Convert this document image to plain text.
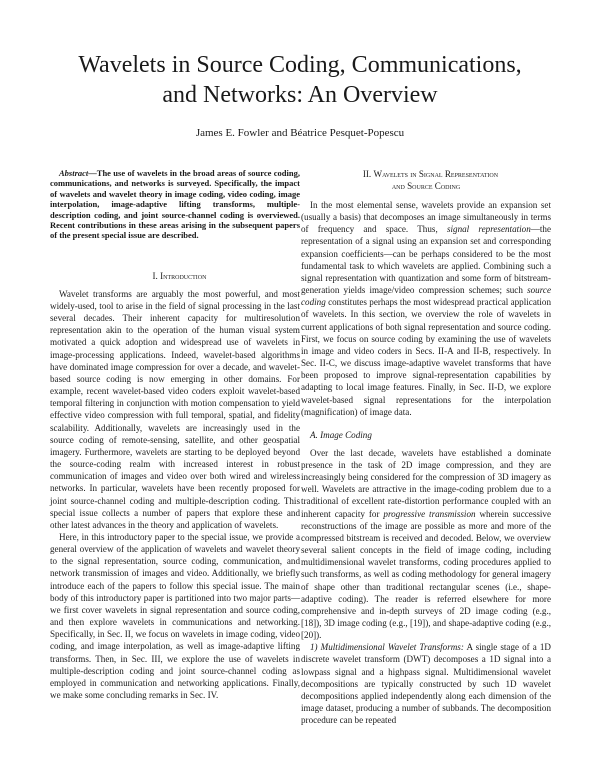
Wavelets in Source Coding, Communications,
and Networks: An Overview
James E. Fowler and Béatrice Pesquet-Popescu

Abstract—The use of wavelets in the broad areas of source coding, communications, and networks is surveyed. Specifically, the impact of wavelets and wavelet theory in image coding, video coding, image interpolation, image-adaptive lifting transforms, multiple-description coding, and joint source-channel coding is overviewed. Recent contributions in these areas arising in the subsequent papers of the present special issue are described.

I. Introduction

Wavelet transforms are arguably the most powerful, and most widely-used, tool to arise in the field of signal processing in the last several decades. Their inherent capacity for multiresolution representation akin to the operation of the human visual system motivated a quick adoption and widespread use of wavelets in image-processing applications. Indeed, wavelet-based algorithms have dominated image compression for over a decade, and wavelet-based source coding is now emerging in other domains. For example, recent wavelet-based video coders exploit wavelet-based temporal filtering in conjunction with motion compensation to yield effective video compression with full temporal, spatial, and fidelity scalability. Additionally, wavelets are increasingly used in the source coding of remote-sensing, satellite, and other geospatial imagery. Furthermore, wavelets are starting to be deployed beyond the source-coding realm with increased interest in robust communication of images and video over both wired and wireless networks. In particular, wavelets have been recently proposed for joint source-channel coding and multiple-description coding. This special issue collects a number of papers that explore these and other latest advances in the theory and application of wavelets.

Here, in this introductory paper to the special issue, we provide a general overview of the application of wavelets and wavelet theory to the signal representation, source coding, communication, and network transmission of images and video. Additionally, we briefly introduce each of the papers to follow this special issue. The main body of this introductory paper is partitioned into two major parts—we first cover wavelets in signal representation and source coding, and then explore wavelets in communications and networking. Specifically, in Sec. II, we focus on wavelets in image coding, video coding, and image interpolation, as well as image-adaptive lifting transforms. Then, in Sec. III, we explore the use of wavelets in multiple-description coding and joint source-channel coding as employed in communication and networking applications. Finally, we make some concluding remarks in Sec. IV.

II. Wavelets in Signal Representation
and Source Coding

In the most elemental sense, wavelets provide an expansion set (usually a basis) that decomposes an image simultaneously in terms of frequency and space. Thus, signal representation—the representation of a signal using an expansion set and corresponding expansion coefficients—can be perhaps considered to be the most fundamental task to which wavelets are applied. Combining such a signal representation with quantization and some form of bitstream-generation yields image/video compression schemes; such source coding constitutes perhaps the most widespread practical application of wavelets. In this section, we overview the role of wavelets in current applications of both signal representation and source coding. First, we focus on source coding by examining the use of wavelets in image and video coders in Secs. II-A and II-B, respectively. In Sec. II-C, we discuss image-adaptive wavelet transforms that have been proposed to improve signal-representation capabilities by adapting to local image features. Finally, in Sec. II-D, we explore wavelet-based signal representations for the interpolation (magnification) of image data.

A. Image Coding

Over the last decade, wavelets have established a dominate presence in the task of 2D image compression, and they are increasingly being considered for the compression of 3D imagery as well. Wavelets are attractive in the image-coding problem due to a traditional of excellent rate-distortion performance coupled with an inherent capacity for progressive transmission wherein successive reconstructions of the image are possible as more and more of the compressed bitstream is received and decoded. Below, we overview several salient concepts in the field of image coding, including multidimensional wavelet transforms, coding procedures applied to such transforms, as well as coding methodology for general imagery of shape other than traditional rectangular scenes (i.e., shape-adaptive coding). The reader is referred elsewhere for more comprehensive and in-depth surveys of 2D image coding (e.g., [18]), 3D image coding (e.g., [19]), and shape-adaptive coding (e.g., [20]).

1) Multidimensional Wavelet Transforms: A single stage of a 1D discrete wavelet transform (DWT) decomposes a 1D signal into a lowpass signal and a highpass signal. Multidimensional wavelet decompositions are typically constructed by such 1D wavelet decompositions applied independently along each dimension of the image dataset, producing a number of subbands. The decomposition procedure can be repeated
